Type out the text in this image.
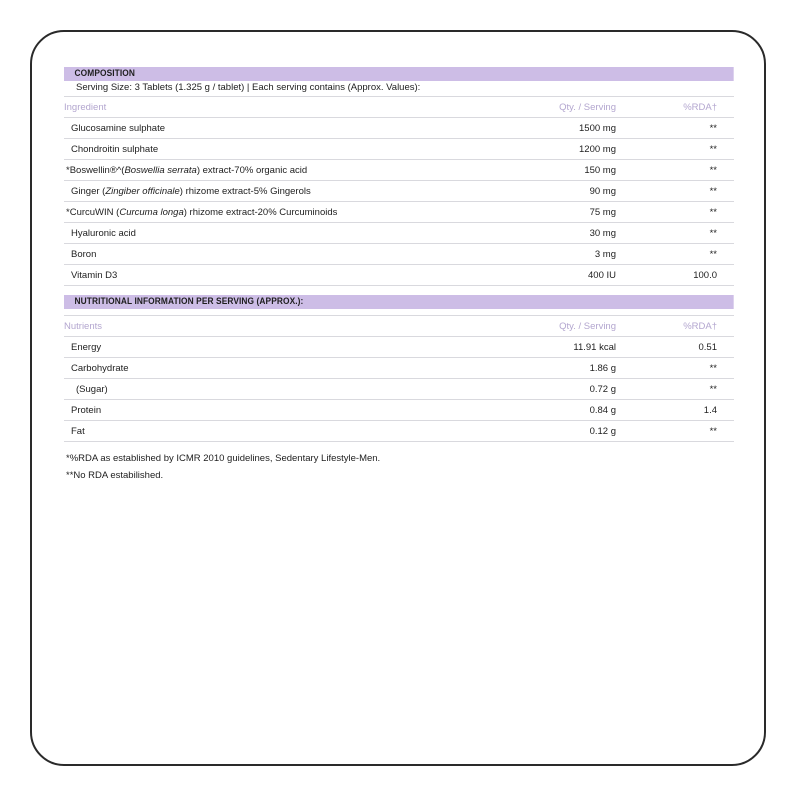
COMPOSITION
Serving Size: 3 Tablets (1.325 g / tablet) | Each serving contains (Approx. Values):
Ingredient	Qty. / Serving	%RDA†
Glucosamine sulphate	1500 mg	**
Chondroitin sulphate	1200 mg	**
*Boswellin®^(Boswellia serrata) extract-70% organic acid	150 mg	**
Ginger (Zingiber officinale) rhizome extract-5% Gingerols	90 mg	**
*CurcuWIN (Curcuma longa) rhizome extract-20% Curcuminoids	75 mg	**
Hyaluronic acid	30 mg	**
Boron	3 mg	**
Vitamin D3	400 IU	100.0
NUTRITIONAL INFORMATION PER SERVING (APPROX.):
Nutrients	Qty. / Serving	%RDA†
Energy	11.91 kcal	0.51
Carbohydrate	1.86 g	**
(Sugar)	0.72 g	**
Protein	0.84 g	1.4
Fat	0.12 g	**
*%RDA as established by ICMR 2010 guidelines, Sedentary Lifestyle-Men.
**No RDA estabilished.
